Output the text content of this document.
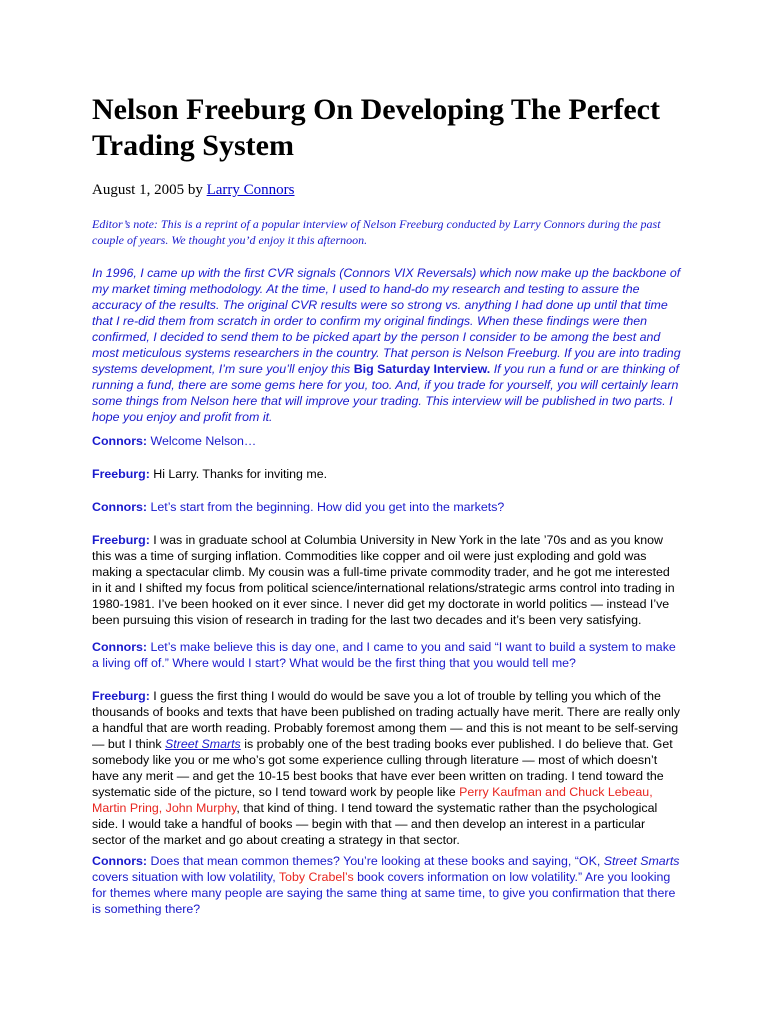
Nelson Freeburg On Developing The Perfect Trading System
August 1, 2005 by Larry Connors
Editor’s note: This is a reprint of a popular interview of Nelson Freeburg conducted by Larry Connors during the past couple of years. We thought you’d enjoy it this afternoon.

In 1996, I came up with the first CVR signals (Connors VIX Reversals) which now make up the backbone of my market timing methodology. At the time, I used to hand-do my research and testing to assure the accuracy of the results. The original CVR results were so strong vs. anything I had done up until that time that I re-did them from scratch in order to confirm my original findings. When these findings were then confirmed, I decided to send them to be picked apart by the person I consider to be among the best and most meticulous systems researchers in the country. That person is Nelson Freeburg. If you are into trading systems development, I’m sure you’ll enjoy this Big Saturday Interview. If you run a fund or are thinking of running a fund, there are some gems here for you, too. And, if you trade for yourself, you will certainly learn some things from Nelson here that will improve your trading. This interview will be published in two parts. I hope you enjoy and profit from it.

Connors: Welcome Nelson…

Freeburg: Hi Larry. Thanks for inviting me.

Connors: Let’s start from the beginning. How did you get into the markets?

Freeburg: I was in graduate school at Columbia University in New York in the late ’70s and as you know this was a time of surging inflation. Commodities like copper and oil were just exploding and gold was making a spectacular climb. My cousin was a full-time private commodity trader, and he got me interested in it and I shifted my focus from political science/international relations/strategic arms control into trading in 1980-1981. I’ve been hooked on it ever since. I never did get my doctorate in world politics — instead I’ve been pursuing this vision of research in trading for the last two decades and it’s been very satisfying.

Connors: Let’s make believe this is day one, and I came to you and said “I want to build a system to make a living off of.” Where would I start? What would be the first thing that you would tell me?

Freeburg: I guess the first thing I would do would be save you a lot of trouble by telling you which of the thousands of books and texts that have been published on trading actually have merit. There are really only a handful that are worth reading. Probably foremost among them — and this is not meant to be self-serving — but I think Street Smarts is probably one of the best trading books ever published. I do believe that. Get somebody like you or me who’s got some experience culling through literature — most of which doesn’t have any merit — and get the 10-15 best books that have ever been written on trading. I tend toward the systematic side of the picture, so I tend toward work by people like Perry Kaufman and Chuck Lebeau, Martin Pring, John Murphy, that kind of thing. I tend toward the systematic rather than the psychological side. I would take a handful of books — begin with that — and then develop an interest in a particular sector of the market and go about creating a strategy in that sector.

Connors: Does that mean common themes? You’re looking at these books and saying, “OK, Street Smarts covers situation with low volatility, Toby Crabel’s book covers information on low volatility.” Are you looking for themes where many people are saying the same thing at same time, to give you confirmation that there is something there?
